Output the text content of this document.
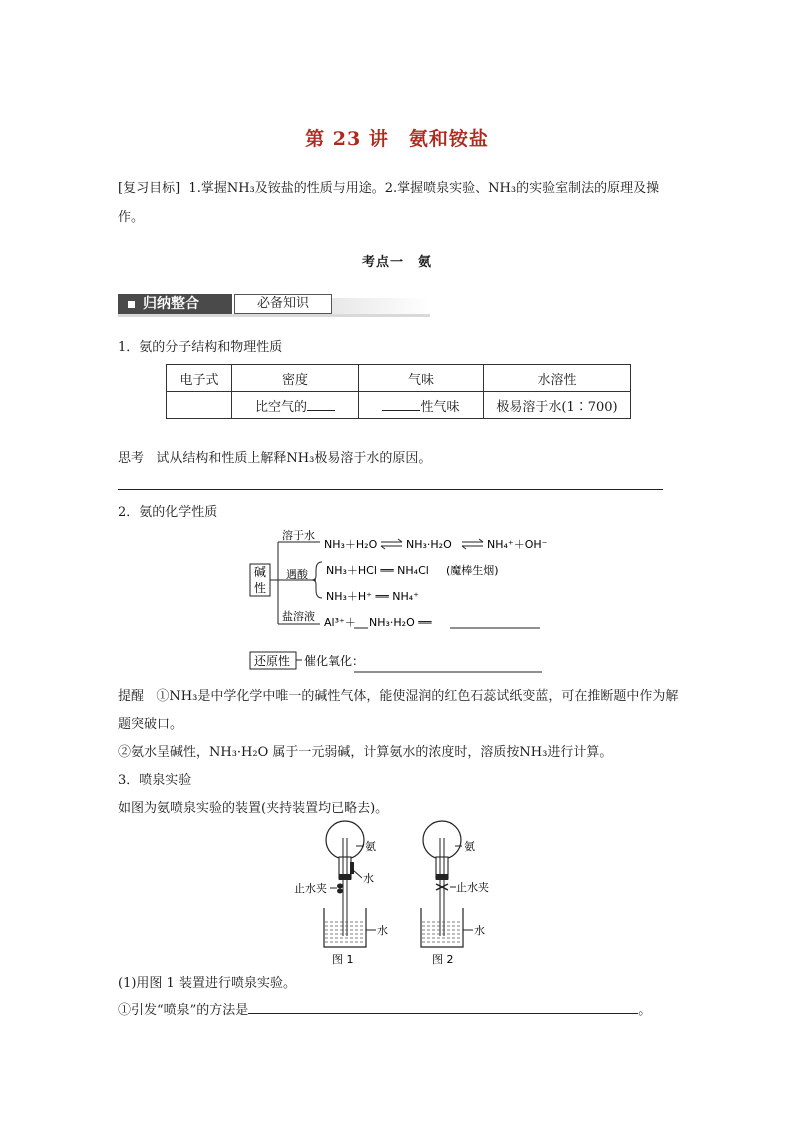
第 23 讲　氨和铵盐
[复习目标] 1.掌握NH₃及铵盐的性质与用途。2.掌握喷泉实验、NH₃的实验室制法的原理及操作。
考点一　氨
归纳整合	必备知识
1．氨的分子结构和物理性质
电子式	密度	气味	水溶性
	比空气的	性气味	极易溶于水(1∶700)
思考 试从结构和性质上解释NH₃极易溶于水的原因。
2．氨的化学性质
碱
性
溶于水
遇酸
盐溶液
NH₃＋H₂O	NH₃·H₂O	NH₄⁺＋OH⁻
NH₃＋HCl ══ NH₄Cl (魔棒生烟)
NH₃＋H⁺ ══ NH₄⁺
Al³⁺＋ NH₃·H₂O ══
还原性 催化氧化：
提醒 ①NH₃是中学化学中唯一的碱性气体，能使湿润的红色石蕊试纸变蓝，可在推断题中作为解题突破口。
②氨水呈碱性，NH₃·H₂O 属于一元弱碱，计算氨水的浓度时，溶质按NH₃进行计算。
3．喷泉实验
如图为氨喷泉实验的装置(夹持装置均已略去)。
氨
水
止水夹
水
图 1
氨
止水夹
水
图 2
(1)用图 1 装置进行喷泉实验。
①引发“喷泉”的方法是	。
